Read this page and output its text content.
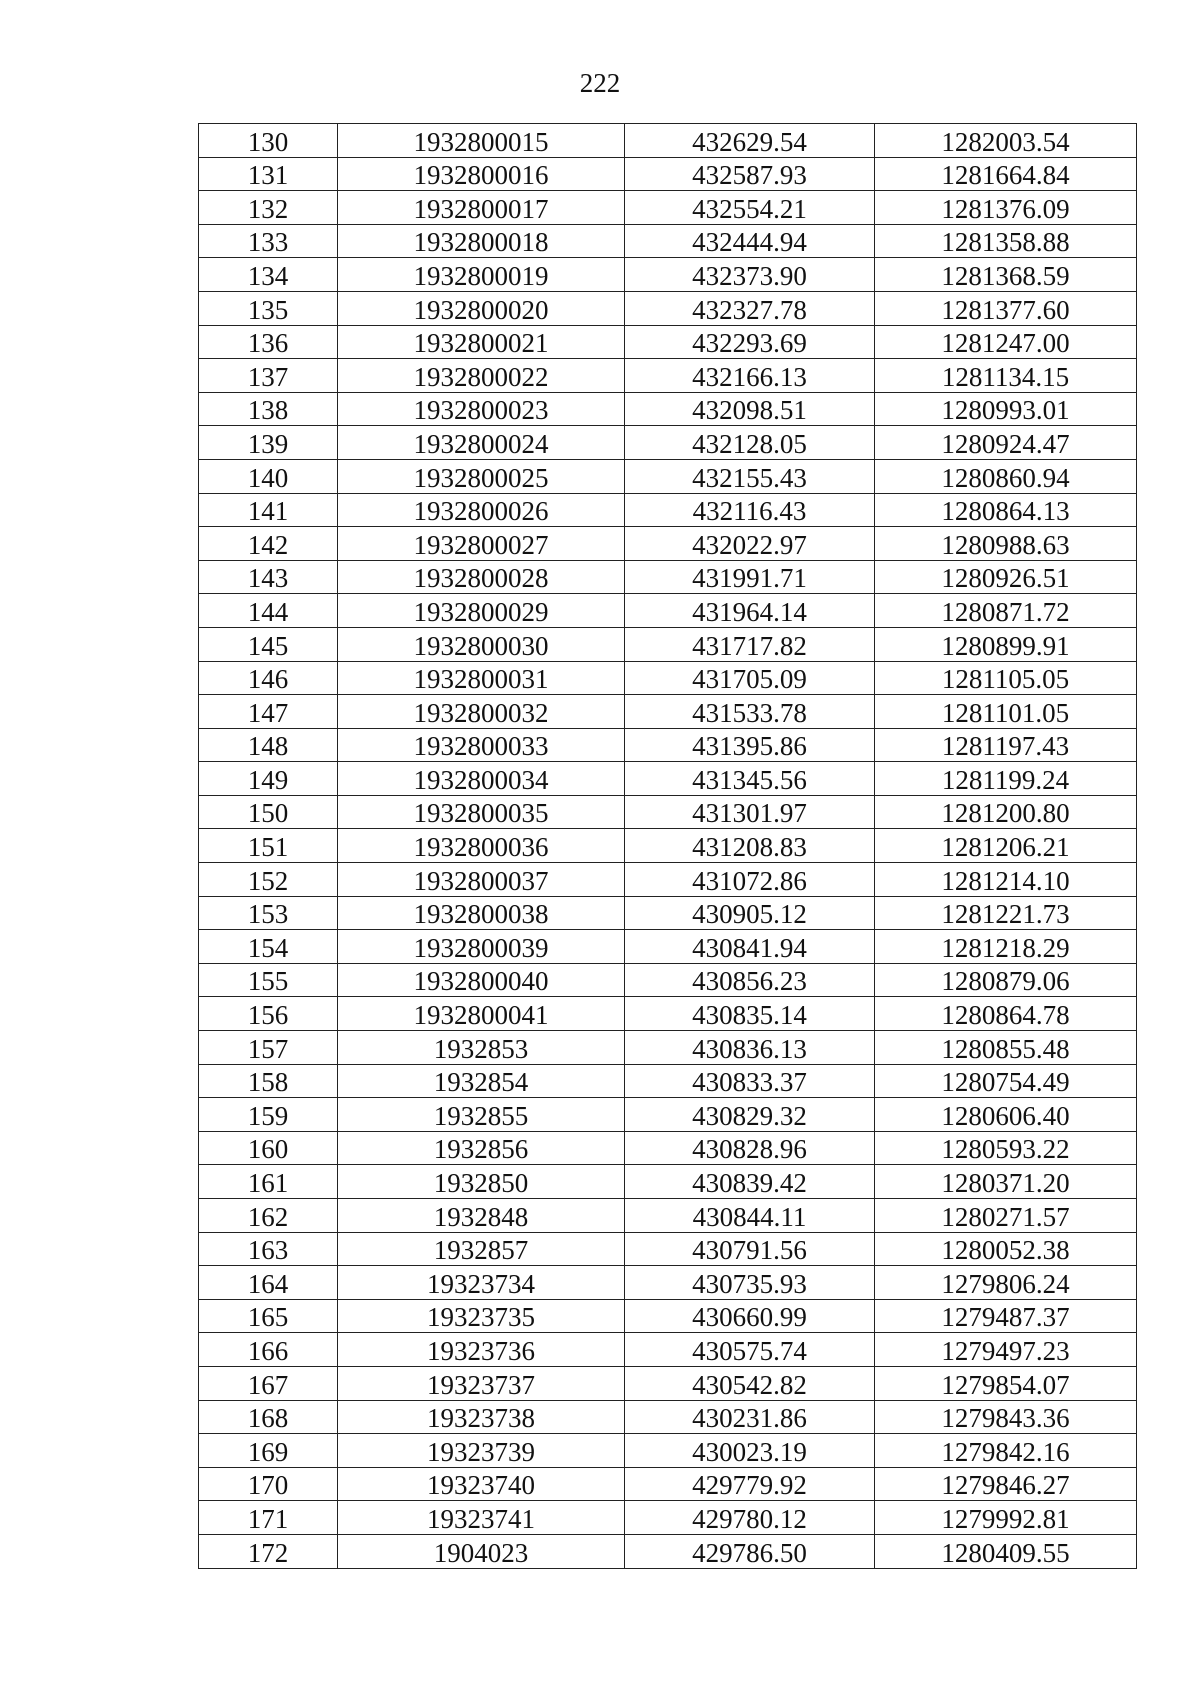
222
130	1932800015	432629.54	1282003.54
131	1932800016	432587.93	1281664.84
132	1932800017	432554.21	1281376.09
133	1932800018	432444.94	1281358.88
134	1932800019	432373.90	1281368.59
135	1932800020	432327.78	1281377.60
136	1932800021	432293.69	1281247.00
137	1932800022	432166.13	1281134.15
138	1932800023	432098.51	1280993.01
139	1932800024	432128.05	1280924.47
140	1932800025	432155.43	1280860.94
141	1932800026	432116.43	1280864.13
142	1932800027	432022.97	1280988.63
143	1932800028	431991.71	1280926.51
144	1932800029	431964.14	1280871.72
145	1932800030	431717.82	1280899.91
146	1932800031	431705.09	1281105.05
147	1932800032	431533.78	1281101.05
148	1932800033	431395.86	1281197.43
149	1932800034	431345.56	1281199.24
150	1932800035	431301.97	1281200.80
151	1932800036	431208.83	1281206.21
152	1932800037	431072.86	1281214.10
153	1932800038	430905.12	1281221.73
154	1932800039	430841.94	1281218.29
155	1932800040	430856.23	1280879.06
156	1932800041	430835.14	1280864.78
157	1932853	430836.13	1280855.48
158	1932854	430833.37	1280754.49
159	1932855	430829.32	1280606.40
160	1932856	430828.96	1280593.22
161	1932850	430839.42	1280371.20
162	1932848	430844.11	1280271.57
163	1932857	430791.56	1280052.38
164	19323734	430735.93	1279806.24
165	19323735	430660.99	1279487.37
166	19323736	430575.74	1279497.23
167	19323737	430542.82	1279854.07
168	19323738	430231.86	1279843.36
169	19323739	430023.19	1279842.16
170	19323740	429779.92	1279846.27
171	19323741	429780.12	1279992.81
172	1904023	429786.50	1280409.55
